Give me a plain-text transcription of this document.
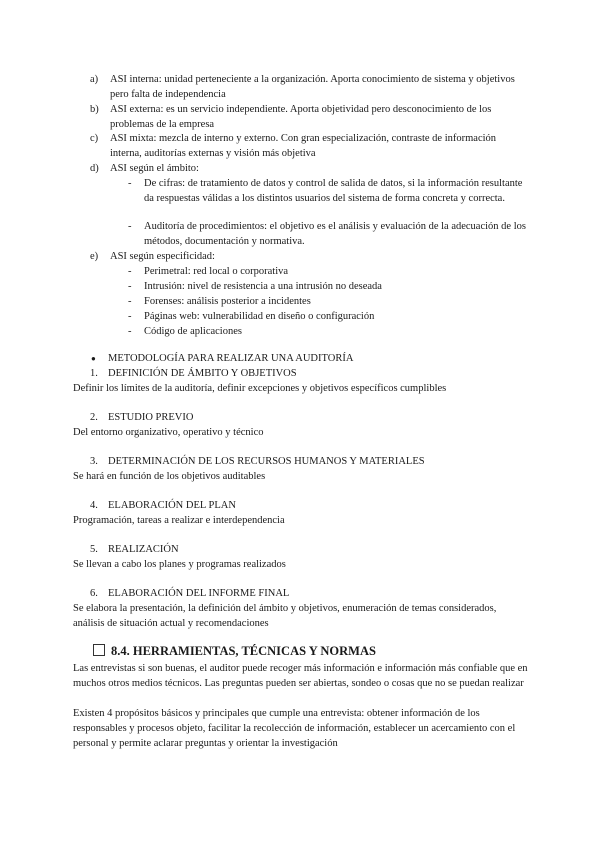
a)	ASI interna: unidad perteneciente a la organización. Aporta conocimiento de sistema y objetivos pero falta de independencia
b)	ASI externa: es un servicio independiente. Aporta objetividad pero desconocimiento de los problemas de la empresa
c)	ASI mixta: mezcla de interno y externo. Con gran especialización, contraste de información interna, auditorías externas y visión más objetiva
d)	ASI según el ámbito:
-	De cifras: de tratamiento de datos y control de salida de datos, si la información resultante da respuestas válidas a los distintos usuarios del sistema de forma concreta y correcta.
-	Auditoría de procedimientos: el objetivo es el análisis y evaluación de la adecuación de los métodos, documentación y normativa.
e)	ASI según especificidad:
-	Perimetral: red local o corporativa
-	Intrusión: nivel de resistencia a una intrusión no deseada
-	Forenses: análisis posterior a incidentes
-	Páginas web: vulnerabilidad en diseño o configuración
-	Código de aplicaciones
●	METODOLOGÍA PARA REALIZAR UNA AUDITORÍA
1. DEFINICIÓN DE ÁMBITO Y OBJETIVOS
Definir los límites de la auditoría, definir excepciones y objetivos específicos cumplibles
2. ESTUDIO PREVIO
Del entorno organizativo, operativo y técnico
3. DETERMINACIÓN DE LOS RECURSOS HUMANOS Y MATERIALES
Se hará en función de los objetivos auditables
4. ELABORACIÓN DEL PLAN
Programación, tareas a realizar e interdependencia
5. REALIZACIÓN
Se llevan a cabo los planes y programas realizados
6. ELABORACIÓN DEL INFORME FINAL
Se elabora la presentación, la definición del ámbito y objetivos, enumeración de temas considerados, análisis de situación actual y recomendaciones
8.4. HERRAMIENTAS, TÉCNICAS Y NORMAS
Las entrevistas si son buenas, el auditor puede recoger más información e información más confiable que en muchos otros medios técnicos. Las preguntas pueden ser abiertas, sondeo o cosas que no se puedan realizar
Existen 4 propósitos básicos y principales que cumple una entrevista: obtener información de los responsables y procesos objeto, facilitar la recolección de información, establecer un acercamiento con el personal y permite aclarar preguntas y orientar la investigación
